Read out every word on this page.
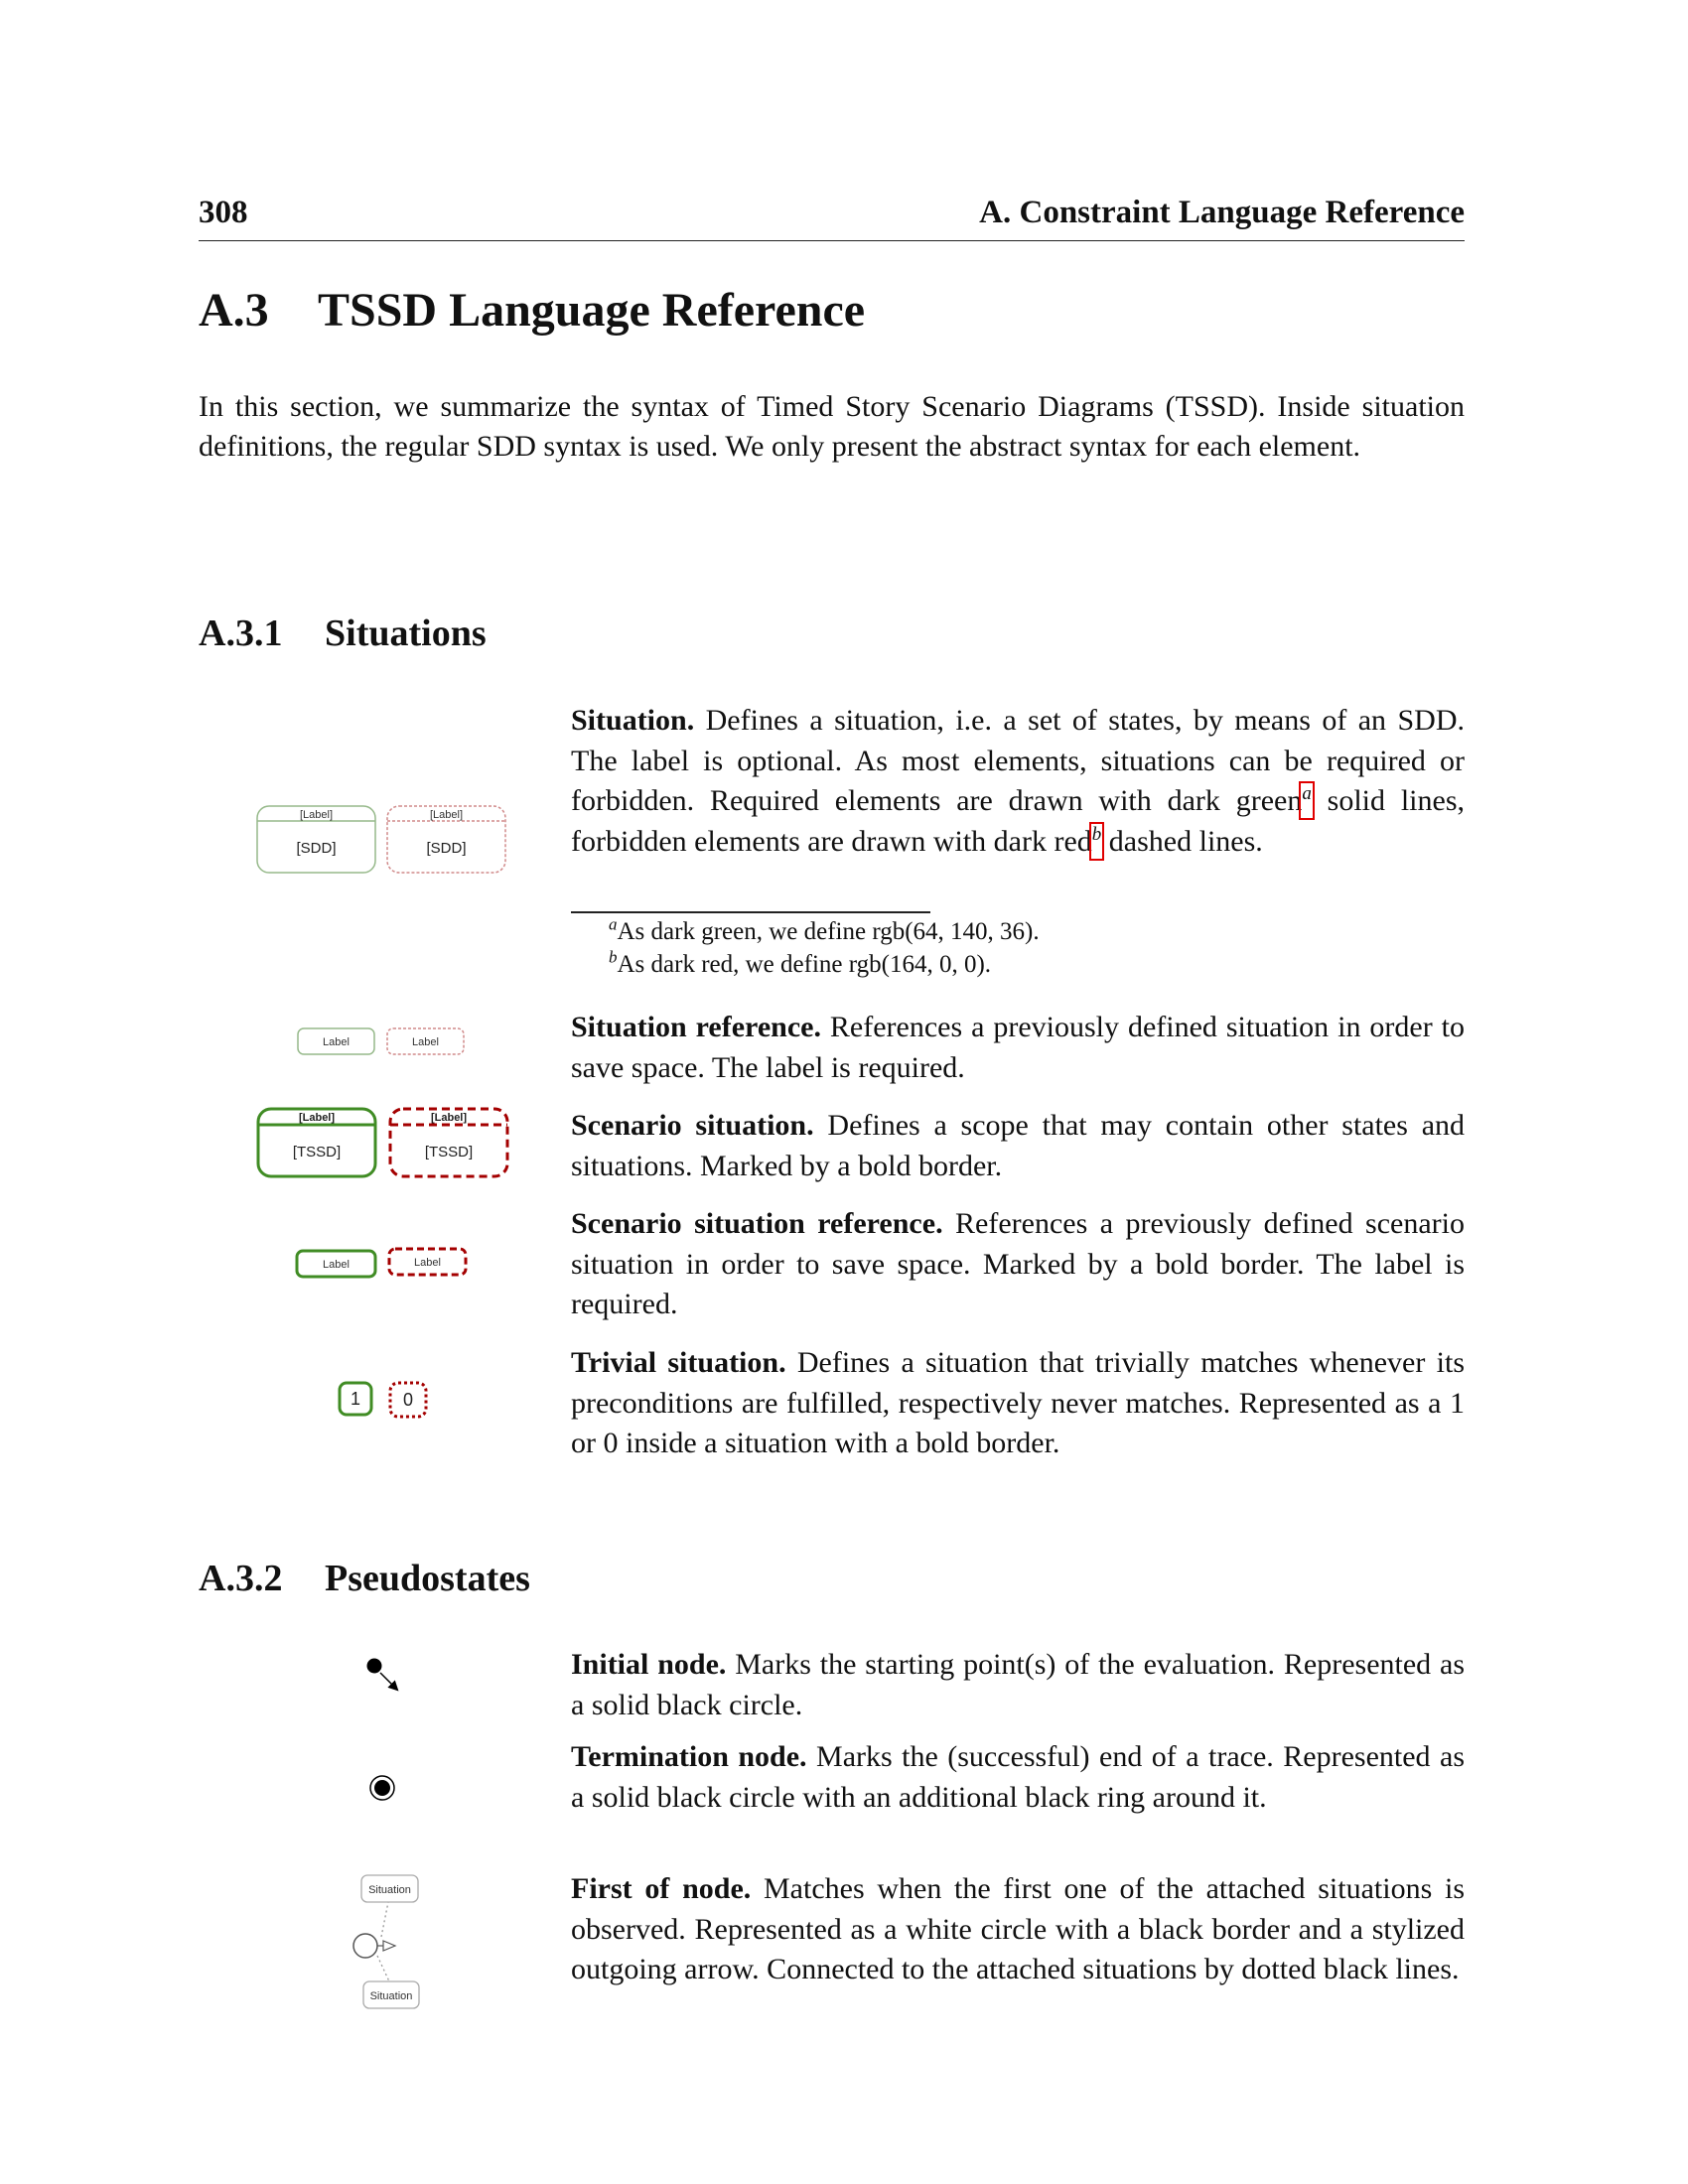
308	A. Constraint Language Reference
A.3 TSSD Language Reference
In this section, we summarize the syntax of Timed Story Scenario Diagrams (TSSD). Inside situation definitions, the regular SDD syntax is used. We only present the abstract syntax for each element.
A.3.1 Situations
Situation. Defines a situation, i.e. a set of states, by means of an SDD. The label is optional. As most elements, situations can be required or forbidden. Required elements are drawn with dark green$^a$ solid lines, forbidden elements are drawn with dark red$^b$ dashed lines.
$^a$As dark green, we define rgb(64, 140, 36).
$^b$As dark red, we define rgb(164, 0, 0).
Situation reference. References a previously defined situation in order to save space. The label is required.
Scenario situation. Defines a scope that may contain other states and situations. Marked by a bold border.
Scenario situation reference. References a previously defined scenario situation in order to save space. Marked by a bold border. The label is required.
Trivial situation. Defines a situation that trivially matches whenever its preconditions are fulfilled, respectively never matches. Represented as a 1 or 0 inside a situation with a bold border.
A.3.2 Pseudostates
Initial node. Marks the starting point(s) of the evaluation. Represented as a solid black circle.
Termination node. Marks the (successful) end of a trace. Represented as a solid black circle with an additional black ring around it.
First of node. Matches when the first one of the attached situations is observed. Represented as a white circle with a black border and a stylized outgoing arrow. Connected to the attached situations by dotted black lines.
[Label]
[SDD]
[Label]
[SDD]
Label	Label
[Label]
[TSSD]
[Label]
[TSSD]
Label	Label
1 0
Situation
Situation
